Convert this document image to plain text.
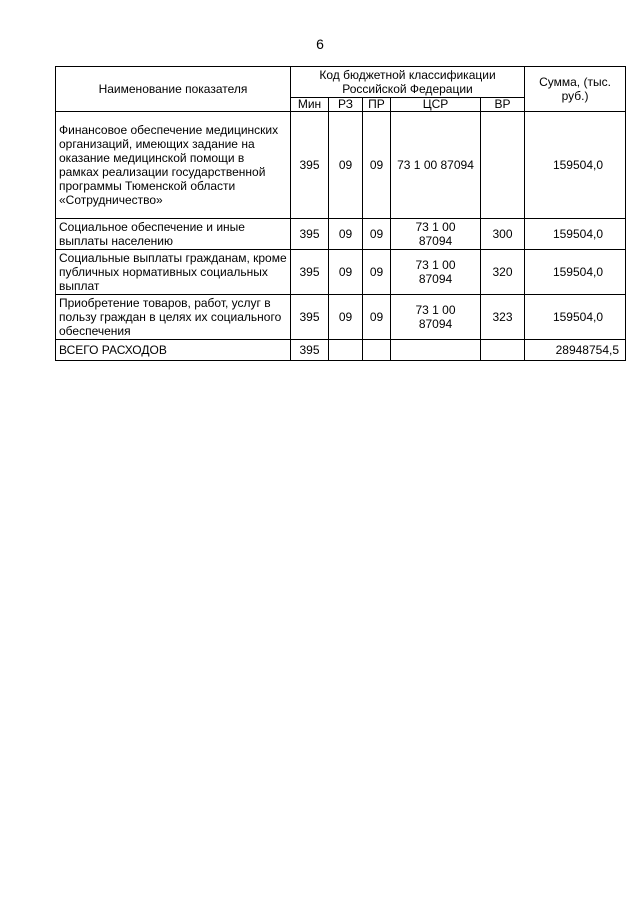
6
Наименование показателя	Код бюджетной классификации Российской Федерации					Сумма, (тыс. руб.)
	Мин	РЗ	ПР	ЦСР	ВР	
Финансовое обеспечение медицинских организаций, имеющих задание на оказание медицинской помощи в рамках реализации государственной программы Тюменской области «Сотрудничество»	395	09	09	73 1 00 87094		159504,0
Социальное обеспечение и иные выплаты населению	395	09	09	73 1 00 87094	300	159504,0
Социальные выплаты гражданам, кроме публичных нормативных социальных выплат	395	09	09	73 1 00 87094	320	159504,0
Приобретение товаров, работ, услуг в пользу граждан в целях их социального обеспечения	395	09	09	73 1 00 87094	323	159504,0
ВСЕГО РАСХОДОВ	395					28948754,5
